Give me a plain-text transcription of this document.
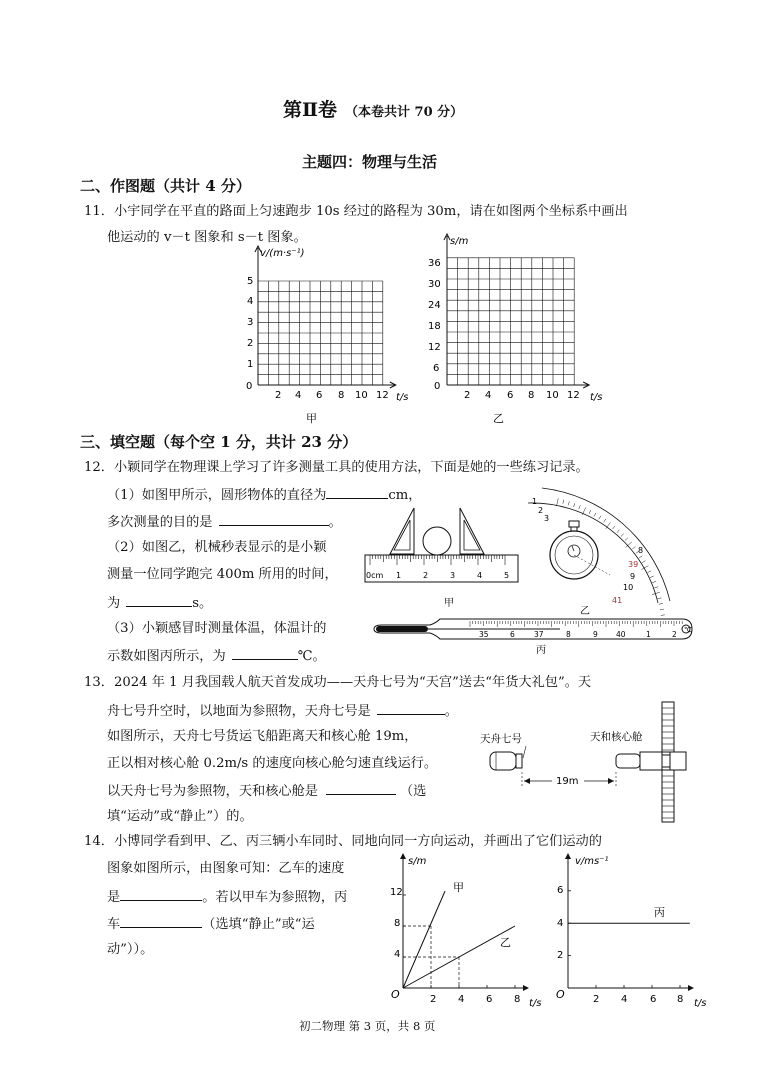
第Ⅱ卷 （本卷共计 70 分）
主题四：物理与生活
二、作图题（共计 4 分）
11．小宇同学在平直的路面上匀速跑步 10s 经过的路程为 30m，请在如图两个坐标系中画出
他运动的 v－t 图象和 s－t 图象。
v/(m·s⁻¹)
t/s
0
5
4
3
2
1
2 4 6 8 10 12
甲
s/m
t/s
0
36
30
24
18
12
6
2 4 6 8 10 12
乙
三、填空题（每个空 1 分，共计 23 分）
12．小颖同学在物理课上学习了许多测量工具的使用方法，下面是她的一些练习记录。
（1）如图甲所示，圆形物体的直径为	cm，
多次测量的目的是	。
（2）如图乙，机械秒表显示的是小颖
测量一位同学跑完 400m 所用的时间，
为	s。
（3）小颖感冒时测量体温，体温计的
示数如图丙所示，为	℃。
0cm 1	2	3	4	5
甲
1
2
3
8
39
9
10
41
乙
35	6	37	8	9 40	1	2 ℃
丙
13．2024 年 1 月我国载人航天首发成功——天舟七号为“天宫”送去“年货大礼包”。天
舟七号升空时，以地面为参照物，天舟七号是	。
如图所示，天舟七号货运飞船距离天和核心舱 19m，
正以相对核心舱 0.2m/s 的速度向核心舱匀速直线运行。
以天舟七号为参照物，天和核心舱是	（选
填“运动”或“静止”）的。
天舟七号	天和核心舱
19m
14．小博同学看到甲、乙、丙三辆小车同时、同地向同一方向运动，并画出了它们运动的
图象如图所示，由图象可知：乙车的速度
是	。若以甲车为参照物，丙
车	（选填“静止”或“运
动”））。
s/m
t/s
O
12
8
4
2 4 6 8
甲
乙
v/ms⁻¹
t/s
O
6
4
2
2 4 6 8
丙
初二物理 第 3 页，共 8 页
